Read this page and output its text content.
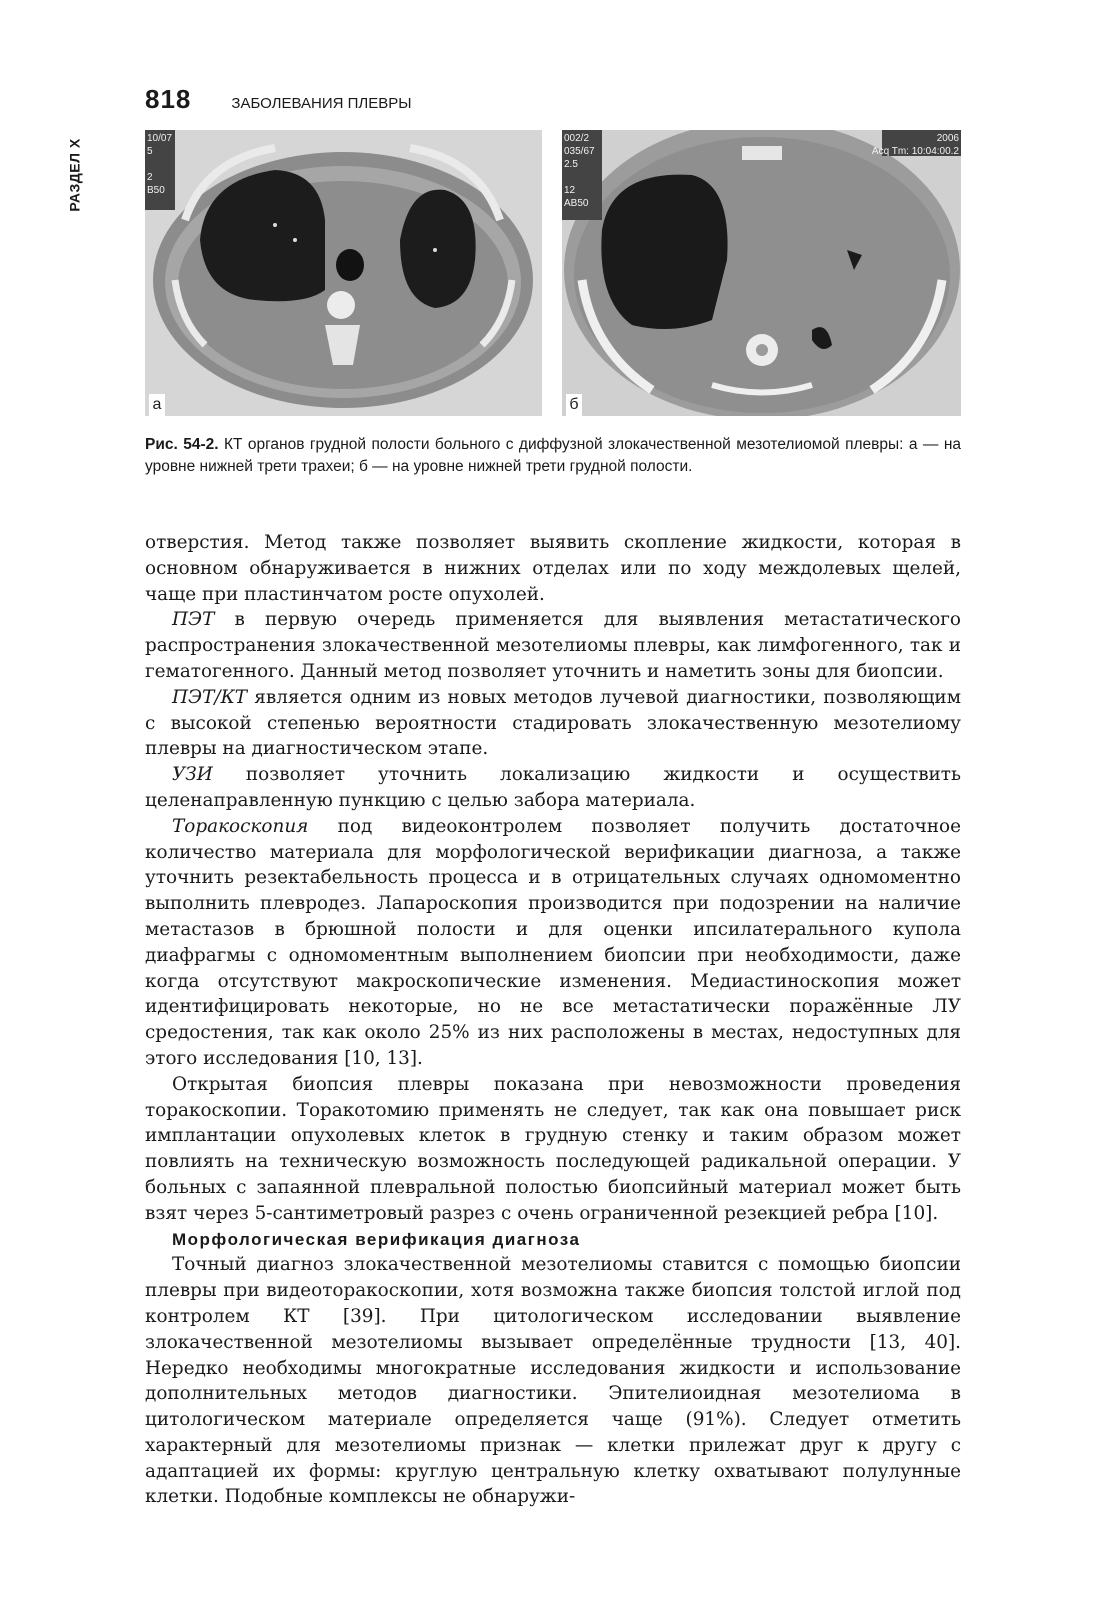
РАЗДЕЛ X
818	ЗАБОЛЕВАНИЯ ПЛЕВРЫ
10/07
5

2
B50
а
002/2
035/67
2.5

12
AB50
2006
Acq Tm: 10:04:00.2
б
Рис. 54-2. КТ органов грудной полости больного с диффузной злокачественной мезотелиомой плевры: а — на уровне нижней трети трахеи; б — на уровне нижней трети грудной полости.

отверстия. Метод также позволяет выявить скопление жидкости, которая в основном обнаруживается в нижних отделах или по ходу междолевых щелей, чаще при пластинчатом росте опухолей.

ПЭТ в первую очередь применяется для выявления метастатического распространения злокачественной мезотелиомы плевры, как лимфогенного, так и гематогенного. Данный метод позволяет уточнить и наметить зоны для биопсии.

ПЭТ/КТ является одним из новых методов лучевой диагностики, позволяющим с высокой степенью вероятности стадировать злокачественную мезотелиому плевры на диагностическом этапе.

УЗИ позволяет уточнить локализацию жидкости и осуществить целенаправленную пункцию с целью забора материала.

Торакоскопия под видеоконтролем позволяет получить достаточное количество материала для морфологической верификации диагноза, а также уточнить резектабельность процесса и в отрицательных случаях одномоментно выполнить плевродез. Лапароскопия производится при подозрении на наличие метастазов в брюшной полости и для оценки ипсилатерального купола диафрагмы с одномоментным выполнением биопсии при необходимости, даже когда отсутствуют макроскопические изменения. Медиастиноскопия может идентифицировать некоторые, но не все метастатически поражённые ЛУ средостения, так как около 25% из них расположены в местах, недоступных для этого исследования [10, 13].

Открытая биопсия плевры показана при невозможности проведения торакоскопии. Торакотомию применять не следует, так как она повышает риск имплантации опухолевых клеток в грудную стенку и таким образом может повлиять на техническую возможность последующей радикальной операции. У больных с запаянной плевральной полостью биопсийный материал может быть взят через 5-сантиметровый разрез с очень ограниченной резекцией ребра [10].

Морфологическая верификация диагноза

Точный диагноз злокачественной мезотелиомы ставится с помощью биопсии плевры при видеоторакоскопии, хотя возможна также биопсия толстой иглой под контролем КТ [39]. При цитологическом исследовании выявление злокачественной мезотелиомы вызывает определённые трудности [13, 40]. Нередко необходимы многократные исследования жидкости и использование дополнительных методов диагностики. Эпителиоидная мезотелиома в цитологическом материале определяется чаще (91%). Следует отметить характерный для мезотелиомы признак — клетки прилежат друг к другу с адаптацией их формы: круглую центральную клетку охватывают полулунные клетки. Подобные комплексы не обнаружи-
